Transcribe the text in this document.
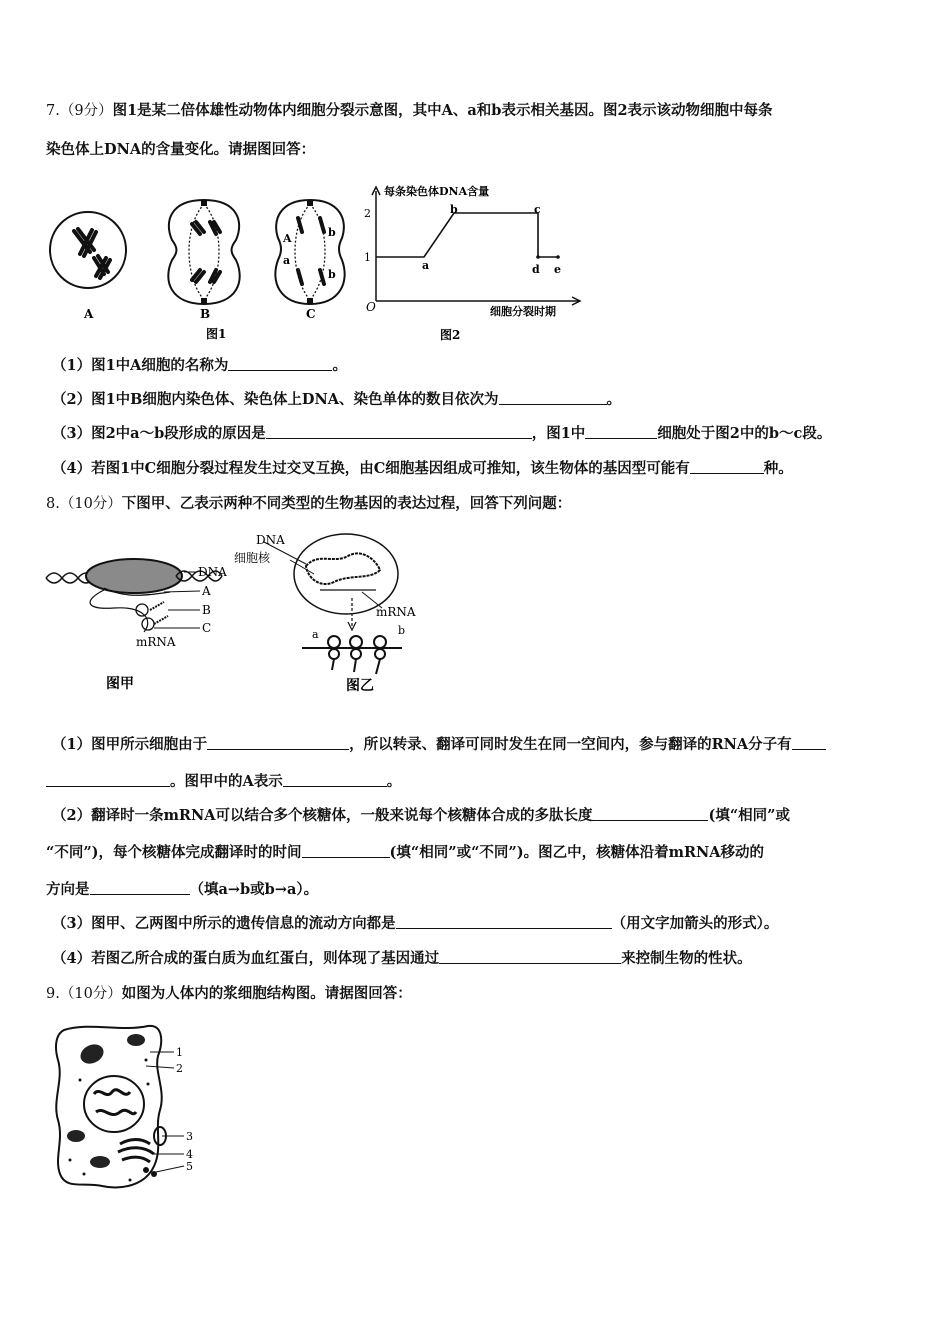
7.（9分）图1是某二倍体雄性动物体内细胞分裂示意图，其中A、a和b表示相关基因。图2表示该动物细胞中每条
染色体上DNA的含量变化。请据图回答：
A
a
b
b
A	B	C
图1
每条染色体DNA含量
细胞分裂时期
O
图2
2
1
a
b	c
d e
（1）图1中A细胞的名称为	。
（2）图1中B细胞内染色体、染色体上DNA、染色单体的数目依次为	。
（3）图2中a～b段形成的原因是	，图1中	细胞处于图2中的b～c段。
（4）若图1中C细胞分裂过程发生过交叉互换，由C细胞基因组成可推知，该生物体的基因型可能有	种。
8.（10分）下图甲、乙表示两种不同类型的生物基因的表达过程，回答下列问题：
DNA
A
B
C
mRNA
图甲
DNA
细胞核
mRNA
a	b
图乙
（1）图甲所示细胞由于	，所以转录、翻译可同时发生在同一空间内，参与翻译的RNA分子有
。图甲中的A表示	。
（2）翻译时一条mRNA可以结合多个核糖体，一般来说每个核糖体合成的多肽长度	(填“相同”或
“不同”)，每个核糖体完成翻译时的时间	(填“相同”或“不同”)。图乙中，核糖体沿着mRNA移动的
方向是	（填a→b或b→a）。
（3）图甲、乙两图中所示的遗传信息的流动方向都是	（用文字加箭头的形式）。
（4）若图乙所合成的蛋白质为血红蛋白，则体现了基因通过	来控制生物的性状。
9.（10分）如图为人体内的浆细胞结构图。请据图回答：
1
2
3
4
5
